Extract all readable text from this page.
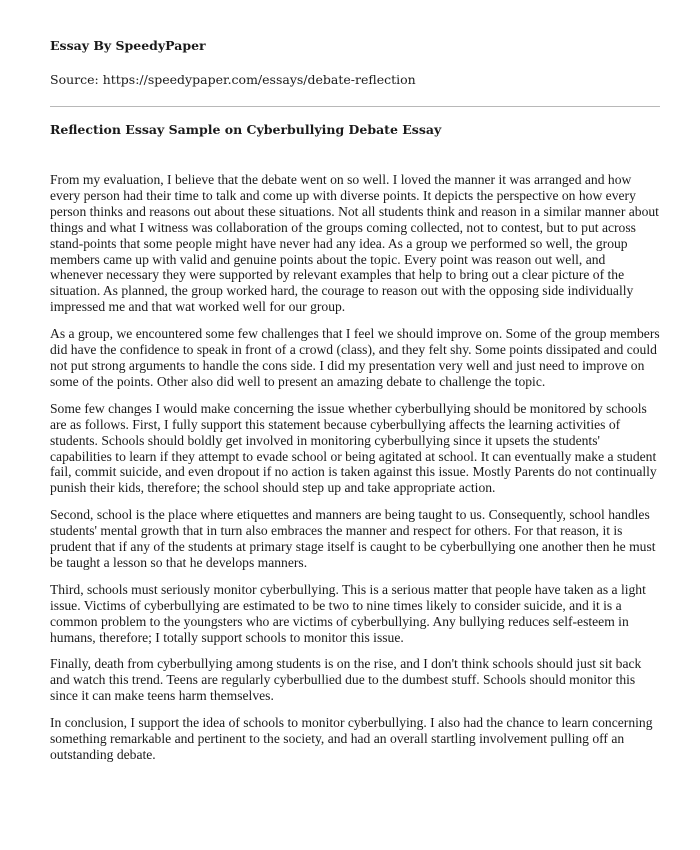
Essay By SpeedyPaper
Source: https://speedypaper.com/essays/debate-reflection
Reflection Essay Sample on Cyberbullying Debate Essay

From my evaluation, I believe that the debate went on so well. I loved the manner it was arranged and how every person had their time to talk and come up with diverse points. It depicts the perspective on how every person thinks and reasons out about these situations. Not all students think and reason in a similar manner about things and what I witness was collaboration of the groups coming collected, not to contest, but to put across stand-points that some people might have never had any idea. As a group we performed so well, the group members came up with valid and genuine points about the topic. Every point was reason out well, and whenever necessary they were supported by relevant examples that help to bring out a clear picture of the situation. As planned, the group worked hard, the courage to reason out with the opposing side individually impressed me and that wat worked well for our group.

As a group, we encountered some few challenges that I feel we should improve on. Some of the group members did have the confidence to speak in front of a crowd (class), and they felt shy. Some points dissipated and could not put strong arguments to handle the cons side. I did my presentation very well and just need to improve on some of the points. Other also did well to present an amazing debate to challenge the topic.

Some few changes I would make concerning the issue whether cyberbullying should be monitored by schools are as follows. First, I fully support this statement because cyberbullying affects the learning activities of students. Schools should boldly get involved in monitoring cyberbullying since it upsets the students' capabilities to learn if they attempt to evade school or being agitated at school. It can eventually make a student fail, commit suicide, and even dropout if no action is taken against this issue. Mostly Parents do not continually punish their kids, therefore; the school should step up and take appropriate action.

Second, school is the place where etiquettes and manners are being taught to us. Consequently, school handles students' mental growth that in turn also embraces the manner and respect for others. For that reason, it is prudent that if any of the students at primary stage itself is caught to be cyberbullying one another then he must be taught a lesson so that he develops manners.

Third, schools must seriously monitor cyberbullying. This is a serious matter that people have taken as a light issue. Victims of cyberbullying are estimated to be two to nine times likely to consider suicide, and it is a common problem to the youngsters who are victims of cyberbullying. Any bullying reduces self-esteem in humans, therefore; I totally support schools to monitor this issue.

Finally, death from cyberbullying among students is on the rise, and I don't think schools should just sit back and watch this trend. Teens are regularly cyberbullied due to the dumbest stuff. Schools should monitor this since it can make teens harm themselves.

In conclusion, I support the idea of schools to monitor cyberbullying. I also had the chance to learn concerning something remarkable and pertinent to the society, and had an overall startling involvement pulling off an outstanding debate.
